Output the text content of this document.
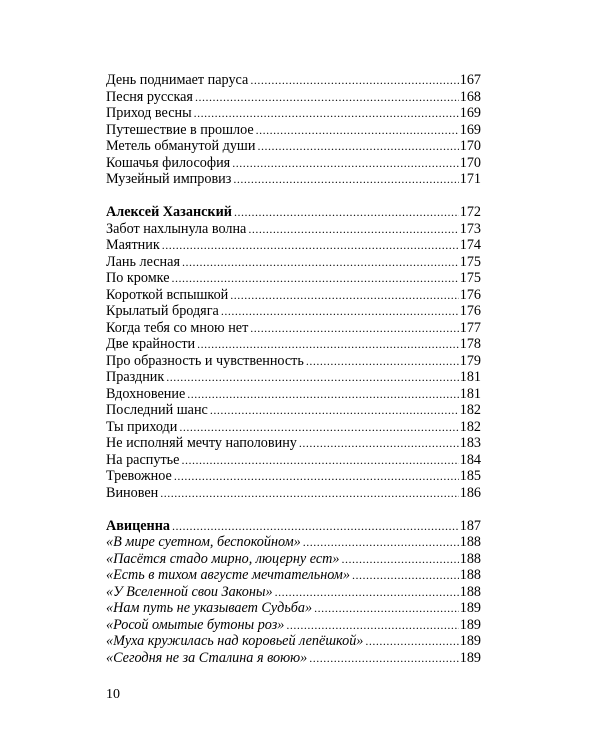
День поднимает паруса .....	167
Песня русская .....	168
Приход весны .....	169
Путешествие в прошлое .....	169
Метель обманутой души .....	170
Кошачья философия .....	170
Музейный импровиз .....	171
Алексей Хазанский .....	172
Забот нахлынула волна .....	173
Маятник .....	174
Лань лесная .....	175
По кромке .....	175
Короткой вспышкой .....	176
Крылатый бродяга .....	176
Когда тебя со мною нет .....	177
Две крайности .....	178
Про образность и чувственность .....	179
Праздник .....	181
Вдохновение .....	181
Последний шанс .....	182
Ты приходи .....	182
Не исполняй мечту наполовину .....	183
На распутье .....	184
Тревожное .....	185
Виновен .....	186
Авиценна .....	187
«В мире суетном, беспокойном» .....	188
«Пасётся стадо мирно, люцерну ест» .....	188
«Есть в тихом августе мечтательном» .....	188
«У Вселенной свои Законы» .....	188
«Нам путь не указывает Судьба» .....	189
«Росой омытые бутоны роз» .....	189
«Муха кружилась над коровьей лепёшкой» .....	189
«Сегодня не за Сталина я воюю» .....	189
10
